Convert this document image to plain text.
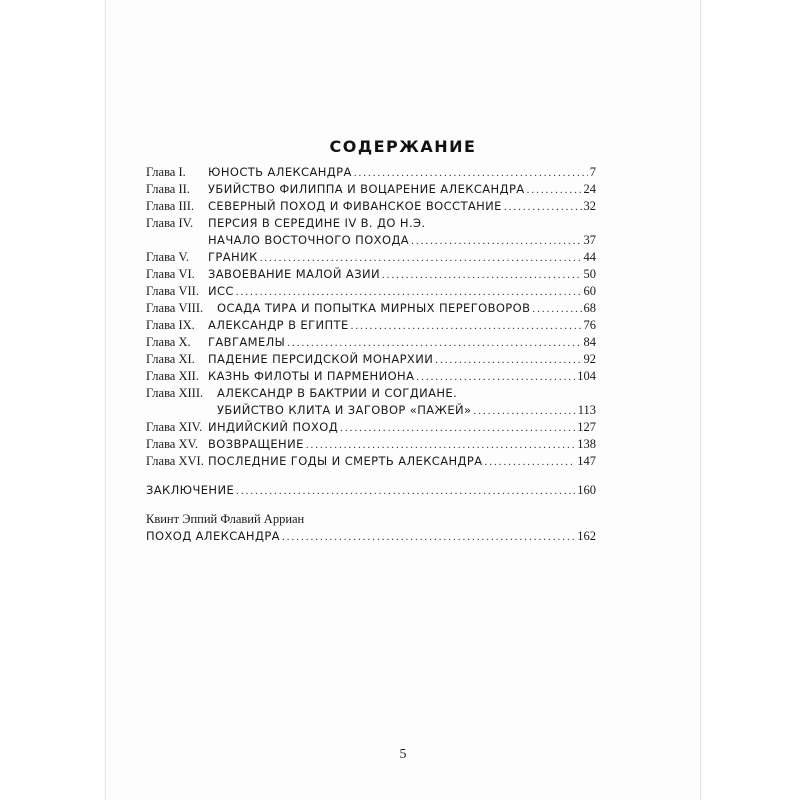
СОДЕРЖАНИЕ
Глава I.	ЮНОСТЬ АЛЕКСАНДРА .....	7
Глава II.	УБИЙСТВО ФИЛИППА И ВОЦАРЕНИЕ АЛЕКСАНДРА .....	24
Глава III.	СЕВЕРНЫЙ ПОХОД И ФИВАНСКОЕ ВОССТАНИЕ .....	32
Глава IV.	ПЕРСИЯ В СЕРЕДИНЕ IV В. ДО Н.Э.
НАЧАЛО ВОСТОЧНОГО ПОХОДА .....	37
Глава V.	ГРАНИК .....	44
Глава VI.	ЗАВОЕВАНИЕ МАЛОЙ АЗИИ .....	50
Глава VII. ИСС .....	60
Глава VIII.	ОСАДА ТИРА И ПОПЫТКА МИРНЫХ ПЕРЕГОВОРОВ .....	68
Глава IX.	АЛЕКСАНДР В ЕГИПТЕ .....	76
Глава X.	ГАВГАМЕЛЫ .....	84
Глава XI.	ПАДЕНИЕ ПЕРСИДСКОЙ МОНАРХИИ .....	92
Глава XII. КАЗНЬ ФИЛОТЫ И ПАРМЕНИОНА .....	104
Глава XIII.	АЛЕКСАНДР В БАКТРИИ И СОГДИАНЕ.
УБИЙСТВО КЛИТА И ЗАГОВОР «ПАЖЕЙ» .....	113
Глава XIV. ИНДИЙСКИЙ ПОХОД .....	127
Глава XV. ВОЗВРАЩЕНИЕ .....	138
Глава XVI. ПОСЛЕДНИЕ ГОДЫ И СМЕРТЬ АЛЕКСАНДРА .....	147
ЗАКЛЮЧЕНИЕ .....	160
Квинт Эппий Флавий Арриан
ПОХОД АЛЕКСАНДРА .....	162
5
